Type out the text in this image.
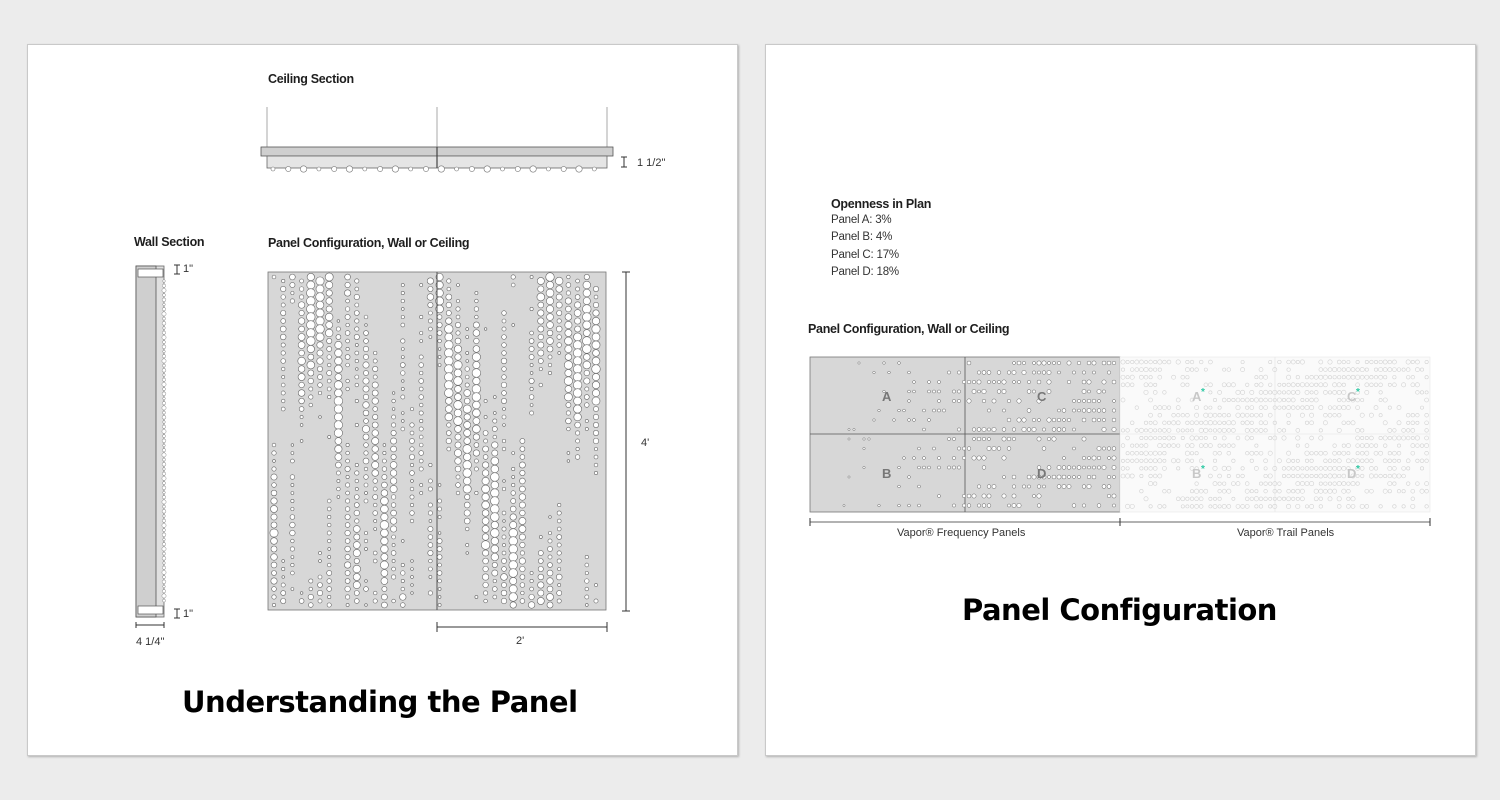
Ceiling Section
1 1/2"
Wall Section	Panel Configuration, Wall or Ceiling
1"
1"
4 1/4"
4'
2'
Understanding the Panel
Openness in Plan
Panel A: 3%
Panel B: 4%
Panel C: 17%
Panel D: 18%
Panel Configuration, Wall or Ceiling
A	C
B	D
A *	C *
B *	D *
Vapor® Frequency Panels	Vapor® Trail Panels
Panel Configuration
